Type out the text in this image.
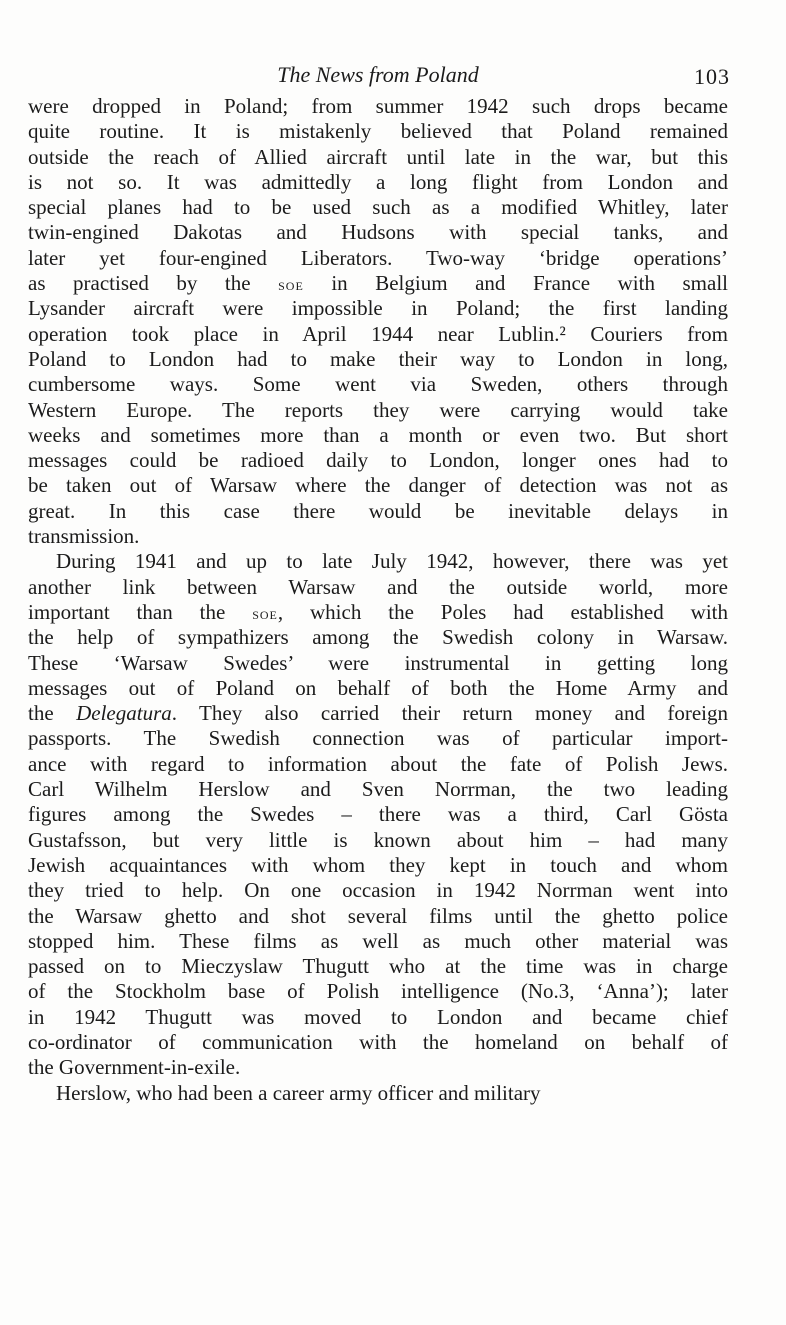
The News from Poland	103
were dropped in Poland; from summer 1942 such drops became
quite routine. It is mistakenly believed that Poland remained
outside the reach of Allied aircraft until late in the war, but this
is not so. It was admittedly a long flight from London and
special planes had to be used such as a modified Whitley, later
twin-engined Dakotas and Hudsons with special tanks, and
later yet four-engined Liberators. Two-way ‘bridge operations’
as practised by the soe in Belgium and France with small
Lysander aircraft were impossible in Poland; the first landing
operation took place in April 1944 near Lublin.² Couriers from
Poland to London had to make their way to London in long,
cumbersome ways. Some went via Sweden, others through
Western Europe. The reports they were carrying would take
weeks and sometimes more than a month or even two. But short
messages could be radioed daily to London, longer ones had to
be taken out of Warsaw where the danger of detection was not as
great. In this case there would be inevitable delays in
transmission.
During 1941 and up to late July 1942, however, there was yet
another link between Warsaw and the outside world, more
important than the soe, which the Poles had established with
the help of sympathizers among the Swedish colony in Warsaw.
These ‘Warsaw Swedes’ were instrumental in getting long
messages out of Poland on behalf of both the Home Army and
the Delegatura. They also carried their return money and foreign
passports. The Swedish connection was of particular import-
ance with regard to information about the fate of Polish Jews.
Carl Wilhelm Herslow and Sven Norrman, the two leading
figures among the Swedes – there was a third, Carl Gösta
Gustafsson, but very little is known about him – had many
Jewish acquaintances with whom they kept in touch and whom
they tried to help. On one occasion in 1942 Norrman went into
the Warsaw ghetto and shot several films until the ghetto police
stopped him. These films as well as much other material was
passed on to Mieczyslaw Thugutt who at the time was in charge
of the Stockholm base of Polish intelligence (No.3, ‘Anna’); later
in 1942 Thugutt was moved to London and became chief
co-ordinator of communication with the homeland on behalf of
the Government-in-exile.
Herslow, who had been a career army officer and military
